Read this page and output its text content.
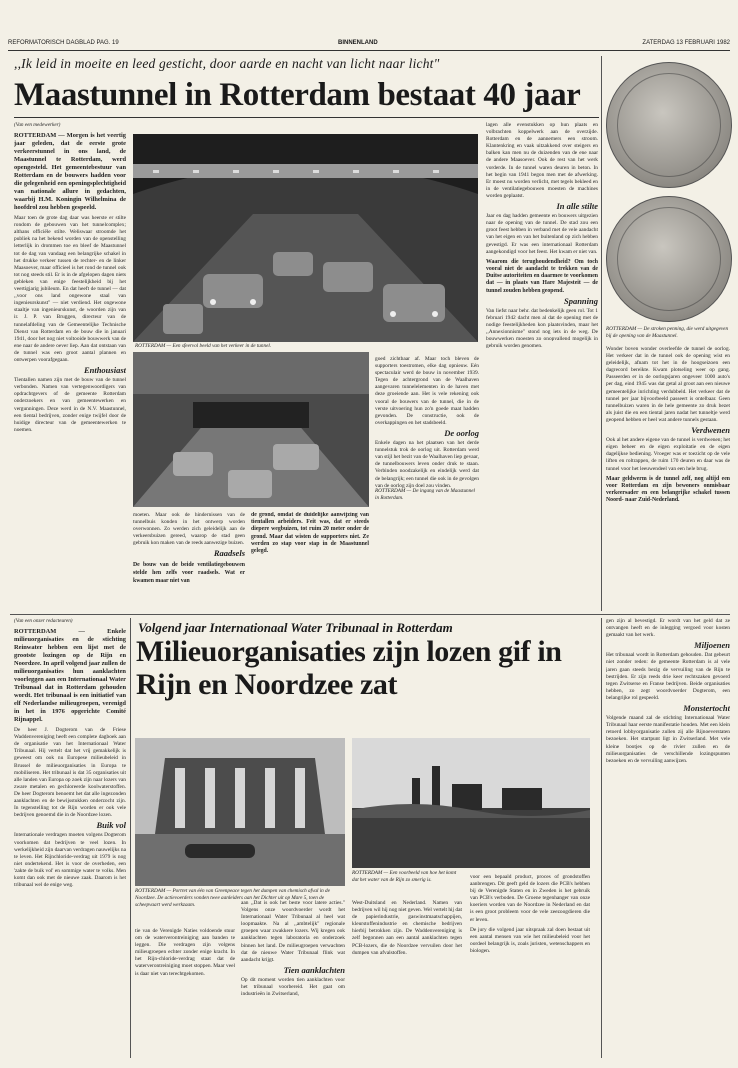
REFORMATORISCH DAGBLAD PAG. 19	BINNENLAND	ZATERDAG 13 FEBRUARI 1982
,,Ik leid in moeite en leed gesticht, door aarde en nacht van licht naar licht"
Maastunnel in Rotterdam bestaat 40 jaar
ROTTERDAM — De stroken penning, die werd uitgegeven bij de opening van de Maastunnel.

(Van een medewerker)

ROTTERDAM — Morgen is het veertig jaar geleden, dat de eerste grote verkeerstunnel in ons land, de Maastunnel te Rotterdam, werd opengesteld. Het gemeentebestuur van Rotterdam en de bouwers hadden voor die gelegenheid een openingsplechtigheid van nationale allure in gedachten, waarbij H.M. Koningin Wilhelmina de hoofdrol zou hebben gespeeld.

Maar toen de grote dag daar was heerste er stilte rondom de gebouwen van het tunnelcomplex; althans officiële stilte. Weliswaar stroomde het publiek na het bekend worden van de openstelling letterlijk in drommen toe en bleef de Maastunnel tot de dag van vandaag een belangrijke schakel in het drukke verkeer tussen de rechter- en de linker Maasoever, maar officieel is het rond de tunnel ook tot nog steeds stil. Er is in de afgelopen dagen niets gebleken van enige feestelijkheid bij het veertigjarig jubileum. En dat heeft de tunnel — dat ,,voor ons land ongewone staal van ingenieurskunst" — niet verdiend. Het ongewone staaltje van ingenieurskunst, de woorden zijn van ir. J. P. van Bruggen, directeur van de tunnelafdeling van de Gemeentelijke Technische Dienst van Rotterdam en de bouw die in januari 1941, door het nog niet voltooide bouwwerk van de ene naar de andere oever liep. Aan dat ontstaan van de tunnel was een groot aantal plannen en ontwerpen voorafgegaan.

Enthousiast

Tientallen namen zijn met de bouw van de tunnel verbonden. Namen van vertegenwoordigers van opdrachtgevers of de gemeente Rotterdam onderzoekers en van gemeentewerken en vergunningen. Deze werd in de N.V. Maastunnel, een tiental bedrijven, zonder enige twijfel door de huidige directeur van de gemeentewerken te noemen.

ROTTERDAM — Een sfeervol beeld van het verkeer in de tunnel.
ROTTERDAM — De ingang van de Maastunnel in Rotterdam.

moeten. Maar ook de hindernissen van de tunnelbuis konden in het ontwerp worden overwonnen. Zo werden zich geleidelijk aan de verkeersbuizen gereed, waarop de stad geen gebruik kon maken van de reeds aanwezige buizen.

Raadsels

De bouw van de beide ventilatiegebouwen stelde hen zelfs voor raadsels. Wat er kwamen maar niet van

de grond, omdat de duidelijke aanwijzing van tientallen arbeiders. Feit was, dat er steeds diepere wegbuizen, tot ruim 20 meter onder de grond. Maar dat wisten de supporters niet. Ze werden zo stap voor stap in de Maastunnel gelegd.

goed zichtbaar af. Maar toch bleven de supporters toestromen, elke dag opnieuw. Eén spectaculair werd de bouw in november 1939. Tegen de achtergrond van de Waalhaven aangevaren tunnelelementen in de haven met deze groeiende aan. Het is vele rekening ook vooral de bouwers van de tunnel, die in de verste uitvoering hun zo'n goede maat hadden gevonden. De constructie, ook de overkappingen en het stadsbeeld.

De oorlog

Enkele dagen na het plaatsen van het derde tunnelstuk trok de oorlog uit. Rotterdam werd van stijl het bezit van de Waalhaven liep gevaar, de tunnelbouwers leven onder druk te staan. Verbinden noodzakelijk en eindelijk werd dat de belangrijk; een tunnel die ook in de gevolgen van de oorlog zijn doel zou vinden.

lagen alle evenstukken op hun plaats en volbrachten koppelwerk aan de overzijde. Rotterdam en de aannemers een stroom. Klantenkring en vaak uitzakkend over steigers en balken kan men nu de duizenden van de ene naar de andere Maasoever. Ook de rest van het werk vorderde. In de tunnel waren deuren in beton. In het begin van 1941 begon men met de afwerking. Er moest nu worden verlicht, met tegels bekleed en in de ventilatiegebouwen moesten de machines worden geplaatst.

In alle stilte

Jaar en dag hadden gemeente en bouwers uitgezien naar de opening van de tunnel. De stad zou een groot feest hebben in verband met de vele aandacht van het eigen en van het buitenland op zich hebben gevestigd. Er was een internationaal Rotterdam aangekondigd voor het feest. Het kwam er niet van.

Waarom die terughoudendheid? Om toch vooral niet de aandacht te trekken van de Duitse autoriteiten en daarmee te voorkomen dat — in plaats van Hare Majesteit — de tunnel zouden hebben geopend.

Spanning

Van liefst naar behr. dat bedenkelijk geen rol. Tot 1 februari 1942 dacht men al dat de opening met de nodige feestelijkheden kon plaatsvinden, maar het ,,Annexionnisme" stond nog iets in de weg. De bouwwerken moesten zo onopvallend mogelijk in gebruik worden genomen.	Wonder boven wonder overleefde de tunnel de oorlog. Het verkeer dat in de tunnel ook de opening wist en geleidelijk, afnam tot het in de hoogseizoen een dagrecord bereikte. Kwam plotseling weer op gang. Passeerden er in de oorlogsjaren ongeveer 1000 auto's per dag, eind 1945 was dat getal al groot aan een nieuwe gemeentelijke inrichting verdubbeld. Het verkeer dat de tunnel per jaar bijvoorbeeld passeert is ontelbaar. Geen tunnelbuizen waren in de hele gemeente zo druk bezet als juist die en een tiental jaren nadat het tunneltje werd geopend hebben er heel wat andere tunnels gestaan.

Verdwenen

Ook al het andere eigene van de tunnel is verdwenen; het eigen beheer en de eigen exploitatie en de eigen dagelijkse bediening. Vroeger was er toezicht op de vele liften en roltrappen, de ruim 170 deuren en daar was de tunnel voor het leeuwendeel van een hele brug.

Maar geldwerm is de tunnel zelf, nog altijd een voor Rotterdam en zijn bewoners onmisbaar verkeersader en een belangrijke schakel tussen Noord- naar Zuid-Nederland.

(Van een onzer redacteuren)

ROTTERDAM — Enkele milieuorganisaties en de stichting Reinwater hebben een lijst met de grootste lozingen op de Rijn en Noordzee. In april volgend jaar zullen de milieuorganisaties hun aanklachten voorleggen aan een Internationaal Water Tribunaal dat in Rotterdam gehouden wordt. Het tribunaal is een initiatief van elf Nederlandse milieugroepen, verenigd in het in 1976 opgerichte Comité Rijnappel.

De heer J. Dogterom van de Friese Waddenvereniging heeft een complete dagboek aan de organisatie van het Internationaal Water Tribunaal. Hij vertelt dat het vrij gemakkelijk is geweest om ook nu Europese milieubeleid in Brussel de milieuorganisaties in Europa te mobiliseren. Het tribunaal is dat 35 organisaties uit alle landen van Europa op zoek zijn naar lozers van zware metalen en gechloreerde koolwaterstoffen. De heer Dogterom benoemt het dat alle ingezonden aanklachten en de bewijsstukken onderzocht zijn. In tegenstelling tot de Rijn worden er ook vele bedrijven genoemd die in de Noordzee lozen.

Buik vol

Internationale verdragen moeten volgens Dogterom voorkomen dat bedrijven te veel lozen. In werkelijkheid zijn daarvan verdragen nauwelijks na te leven. Het Rijnchloride-verdrag uit 1979 is nog niet ondertekend. Het is voor de overheden, een 'zakte de buik vol' en sommige water te volks. Men komt dan ook met de nieuwe zaak. Daarom is het tribunaal wel de enige weg.

Volgend jaar Internationaal Water Tribunaal in Rotterdam
Milieuorganisaties zijn lozen gif in Rijn en Noordzee zat
ROTTERDAM — Portret van één van Greenpeace tegen het dumpen van chemisch afval in de Noordzee. De actievoerders vonden twee aanleiders aan het Dichter uit op Mare 5, toen de scheepvaart werd werkzaam.
ROTTERDAM — Een voorbeeld van hoe het komt dat het water van de Rijn zo smerig is.

tie van de Verenigde Naties voldoende stuur om de waterverontreiniging aan banden te leggen. Die verdragen zijn volgens milieugroepen echter zonder enige kracht. In het Rijn-chloride-verdrag staat dat de waterverontreiniging moet stoppen. Maar veel is daar niet van terechtgekomen.

aan ,,Dat is ook het beste voor latere acties." Volgens onze woordvoerder wordt het Internationaal Water Tribunaal al heel wat loopmaakte. Na al ,,ambtelijk" regionale groepen waar zwakkere lozers. Wij kregen ook aanklachten tegen laboratoria en onderzoek binnen het land. De milieugroepen verwachten dat de nieuwe Water Tribunaal flink wat aandacht krijgt.

Tien aanklachten

Op dit moment worden tien aanklachten voor het tribunaal voorbereid. Het gaat om industrieën in Zwitserland,

West-Duitsland en Nederland. Namen van bedrijven wil hij nog niet geven. Wel vertelt hij dat de papierindustrie, gaswinstmaatschappijen, kleurstoffenindustrie en chemische bedrijven hierbij betrokken zijn. De Waddenvereniging is zelf begonnen aan een aantal aanklachten tegen PCB-lozers, die de Noordzee vervuilen door het dumpen van afvalstoffen.

voor een bepaald product, proces of grondstoffen aanbrengen. Dit geeft geld de lozers die PCB's hebben bij de Verenigde Staten en in Zweden is het gebruik van PCB's verboden. De Groene tegenhanger van onze koeriers worden van de Noordzee in Nederland en dat is een groot probleem voor de vele zeezoogdieren die er leven.

De jury die volgend jaar uitspraak zal doen bestaat uit een aantal mensen van wie het milieubeleid voor het oordeel belangrijk is, zoals juristen, wetenschappers en biologen.

gen zijn al bevestigd. Er wordt van het geld dat ze ontvangen heeft en de inlegging vergoed voor kosten gemaakt van het werk.

Miljoenen

Het tribunaal wordt in Rotterdam gehouden. Dat gebeurt niet zonder reden: de gemeente Rotterdam is al vele jaren gaan steeds bezig de vervuiling van de Rijn te bestrijden. Er zijn reeds drie keer rechtszaken gevoerd tegen Zwitserse en Franse bedrijven. Beide organisaties hebben, zo zegt woordvoerder Dogterom, een belangrijke rol gespeeld.

Monstertocht

Volgende maand zal de stichting Internationaal Water Tribunaal haar eerste manifestatie houden. Met een klein retoerd lobbyorganisatie zullen zij alle Rijnoeverstaten bezoeken. Het startpunt ligt in Zwitserland. Met vele kleine bootjes op de rivier zullen en de milieuorganisaties de verschillende lozingspunten bezoeken en de vervuiling aanwijzen.
